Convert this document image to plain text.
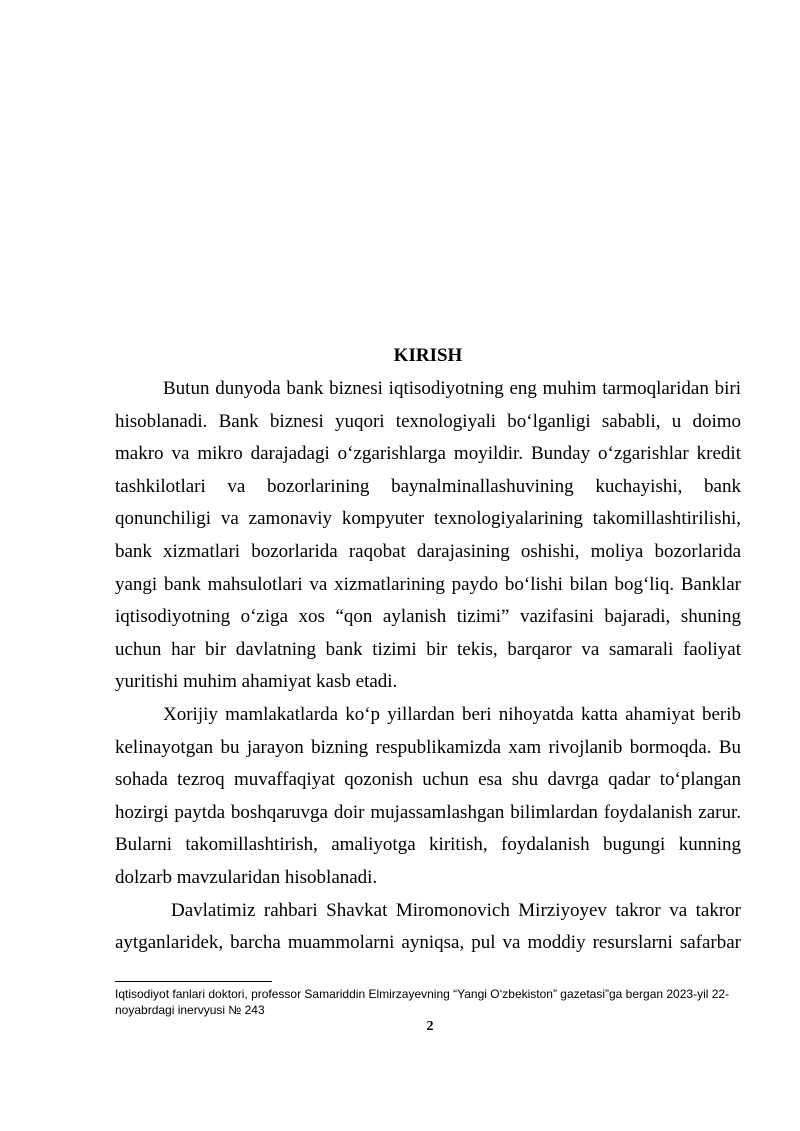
KIRISH

Butun dunyoda bank biznesi iqtisodiyotning eng muhim tarmoqlaridan biri hisoblanadi. Bank biznesi yuqori texnologiyali boʻlganligi sababli, u doimo makro va mikro darajadagi oʻzgarishlarga moyildir. Bunday oʻzgarishlar kredit tashkilotlari va bozorlarining baynalminallashuvining kuchayishi, bank qonunchiligi va zamonaviy kompyuter texnologiyalarining takomillashtirilishi, bank xizmatlari bozorlarida raqobat darajasining oshishi, moliya bozorlarida yangi bank mahsulotlari va xizmatlarining paydo boʻlishi bilan bogʻliq. Banklar iqtisodiyotning oʻziga xos “qon aylanish tizimi” vazifasini bajaradi, shuning uchun har bir davlatning bank tizimi bir tekis, barqaror va samarali faoliyat yuritishi muhim ahamiyat kasb etadi.

Xorijiy mamlakatlarda koʻp yillardan beri nihoyatda katta ahamiyat berib kelinayotgan bu jarayon bizning respublikamizda xam rivojlanib bormoqda. Bu sohada tezroq muvaffaqiyat qozonish uchun esa shu davrga qadar toʻplangan hozirgi paytda boshqaruvga doir mujassamlashgan bilimlardan foydalanish zarur. Bularni takomillashtirish, amaliyotga kiritish, foydalanish bugungi kunning dolzarb mavzularidan hisoblanadi.

Davlatimiz rahbari Shavkat Miromonovich Mirziyoyev takror va takror aytganlaridek, barcha muammolarni ayniqsa, pul va moddiy resurslarni safarbar

Iqtisodiyot fanlari doktori, professor Samariddin Elmirzayevning “Yangi O‘zbekiston” gazetasi”ga bergan 2023-yil 22-noyabrdagi inervyusi № 243
2
